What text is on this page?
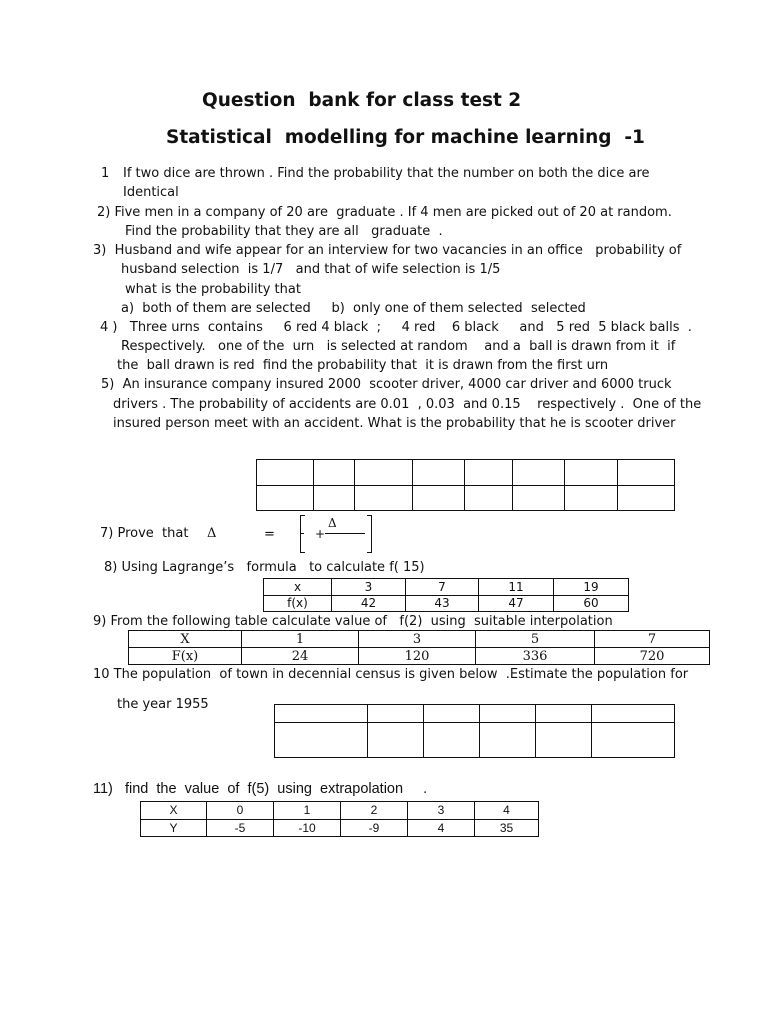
Question  bank for class test 2
Statistical  modelling for machine learning  -1
1 If two dice are thrown . Find the probability that the number on both the dice are
Identical
2) Five men in a company of 20 are  graduate . If 4 men are picked out of 20 at random.
Find the probability that they are all   graduate  .
3)  Husband and wife appear for an interview for two vacancies in an office   probability of
husband selection  is 1/7   and that of wife selection is 1/5
what is the probability that
a)  both of them are selected     b)  only one of them selected  selected
4 )   Three urns  contains     6 red 4 black  ;     4 red    6 black     and   5 red  5 black balls  .
Respectively.   one of the  urn   is selected at random    and a  ball is drawn from it  if
the  ball drawn is red  find the probability that  it is drawn from the first urn
5)  An insurance company insured 2000  scooter driver, 4000 car driver and 6000 truck
drivers . The probability of accidents are 0.01  , 0.03  and 0.15    respectively .  One of the
insured person meet with an accident. What is the probability that he is scooter driver

7) Prove  that Δ	=	+
Δ
8) Using Lagrange’s   formula   to calculate f( 15)
x	3	7	11	19
f(x)	42	43	47	60
9) From the following table calculate value of   f(2)  using  suitable interpolation
X	1	3	5	7
F(x)	24	120	336	720
10 The population  of town in decennial census is given below  .Estimate the population for
the year 1955

11)   find  the  value  of  f(5)  using  extrapolation     .
X	0	1	2	3	4
Y	-5	-10	-9	4	35
